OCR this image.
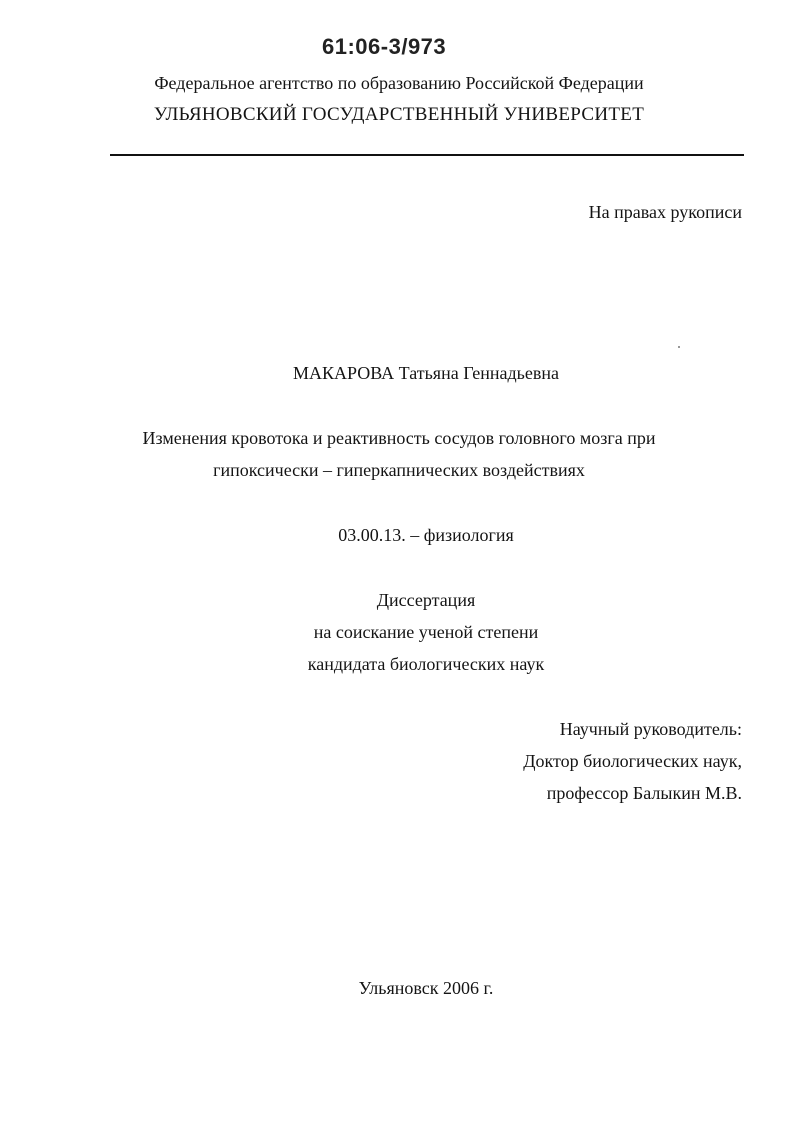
61:06-3/973
Федеральное агентство по образованию Российской Федерации
УЛЬЯНОВСКИЙ ГОСУДАРСТВЕННЫЙ УНИВЕРСИТЕТ
На правах рукописи
МАКАРОВА Татьяна Геннадьевна
Изменения кровотока и реактивность сосудов головного мозга при
гипоксически – гиперкапнических воздействиях
03.00.13. – физиология
Диссертация
на соискание ученой степени
кандидата биологических наук
Научный руководитель:
Доктор биологических наук,
профессор Балыкин М.В.
Ульяновск 2006 г.
